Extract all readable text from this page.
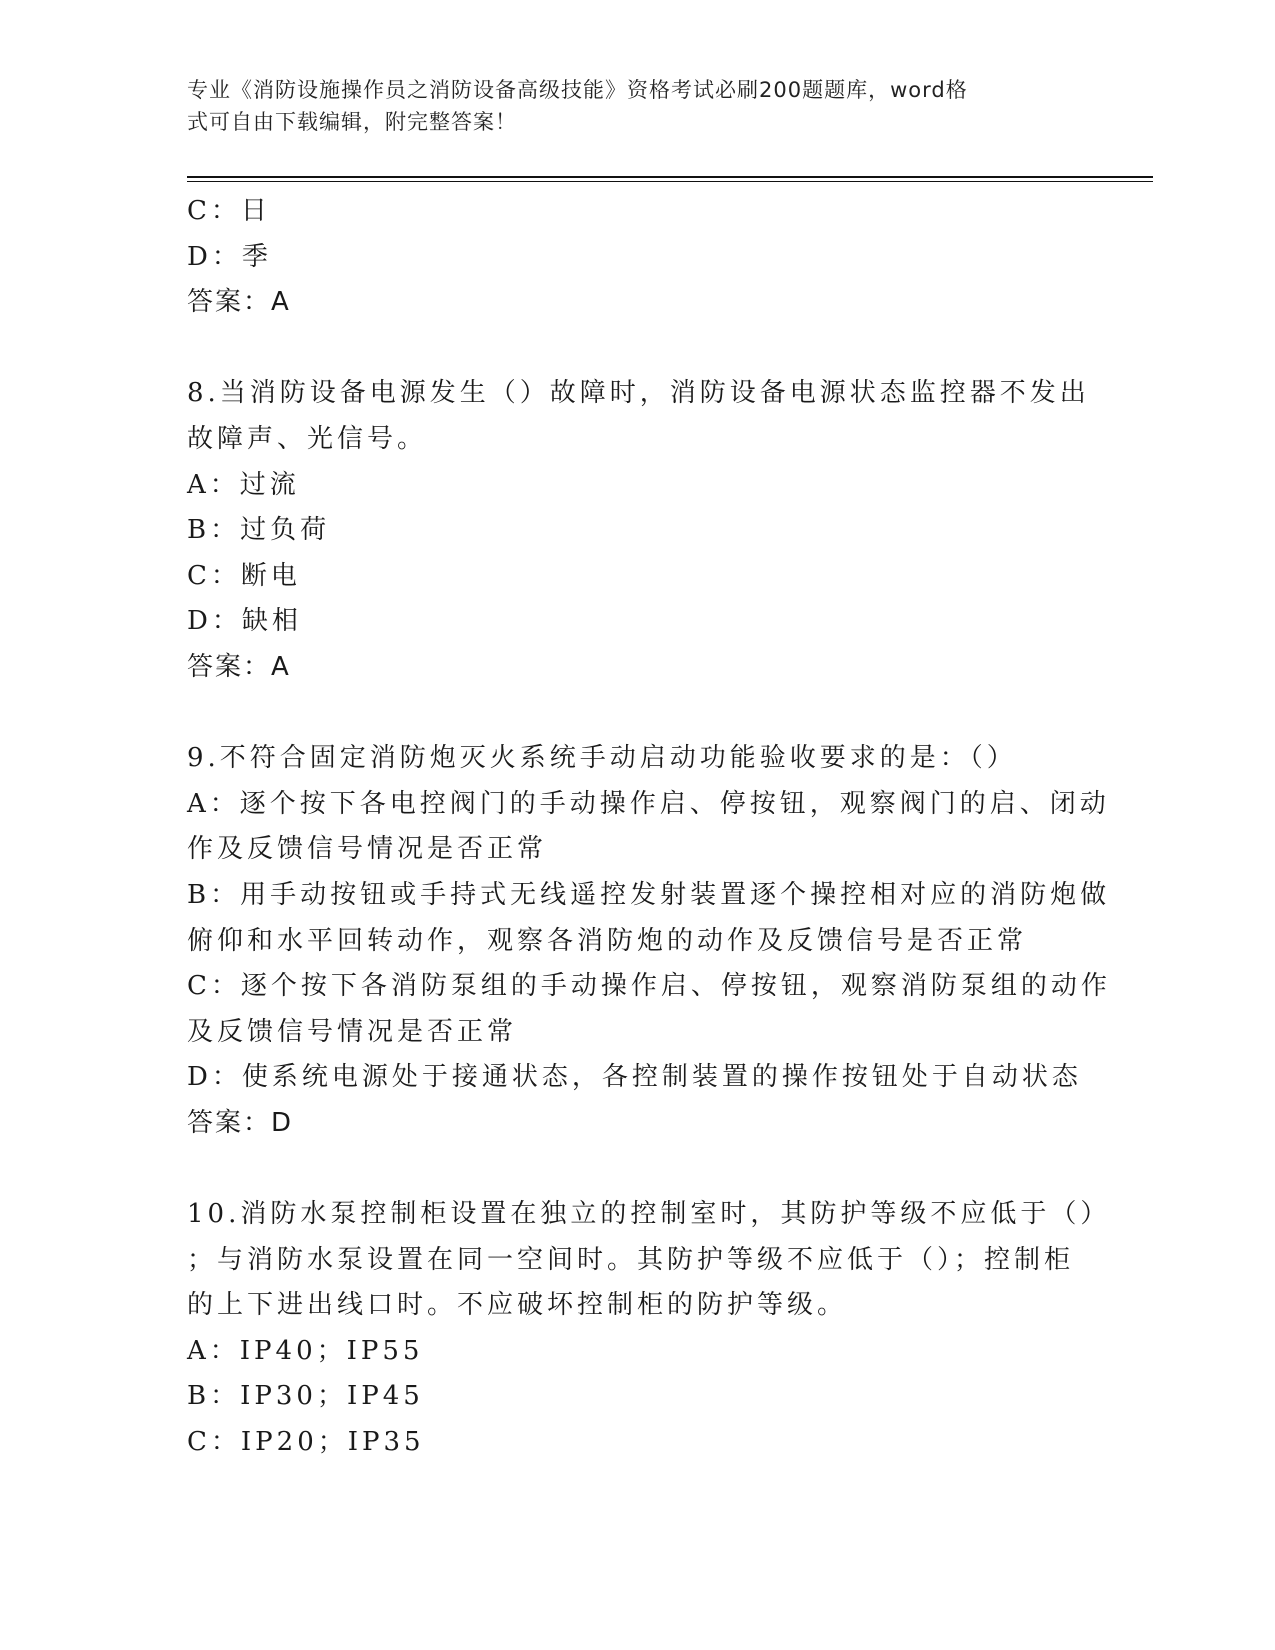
专业《消防设施操作员之消防设备高级技能》资格考试必刷200题题库，word格
式可自由下载编辑，附完整答案！
C：日
D：季
答案：A
8.当消防设备电源发生（）故障时，消防设备电源状态监控器不发出
故障声、光信号。
A：过流
B：过负荷
C：断电
D：缺相
答案：A
9.不符合固定消防炮灭火系统手动启动功能验收要求的是：（）
A：逐个按下各电控阀门的手动操作启、停按钮，观察阀门的启、闭动
作及反馈信号情况是否正常
B：用手动按钮或手持式无线遥控发射装置逐个操控相对应的消防炮做
俯仰和水平回转动作，观察各消防炮的动作及反馈信号是否正常
C：逐个按下各消防泵组的手动操作启、停按钮，观察消防泵组的动作
及反馈信号情况是否正常
D：使系统电源处于接通状态，各控制装置的操作按钮处于自动状态
答案：D
10.消防水泵控制柜设置在独立的控制室时，其防护等级不应低于（）
；与消防水泵设置在同一空间时。其防护等级不应低于（）；控制柜
的上下进出线口时。不应破坏控制柜的防护等级。
A：IP40；IP55
B：IP30；IP45
C：IP20；IP35
